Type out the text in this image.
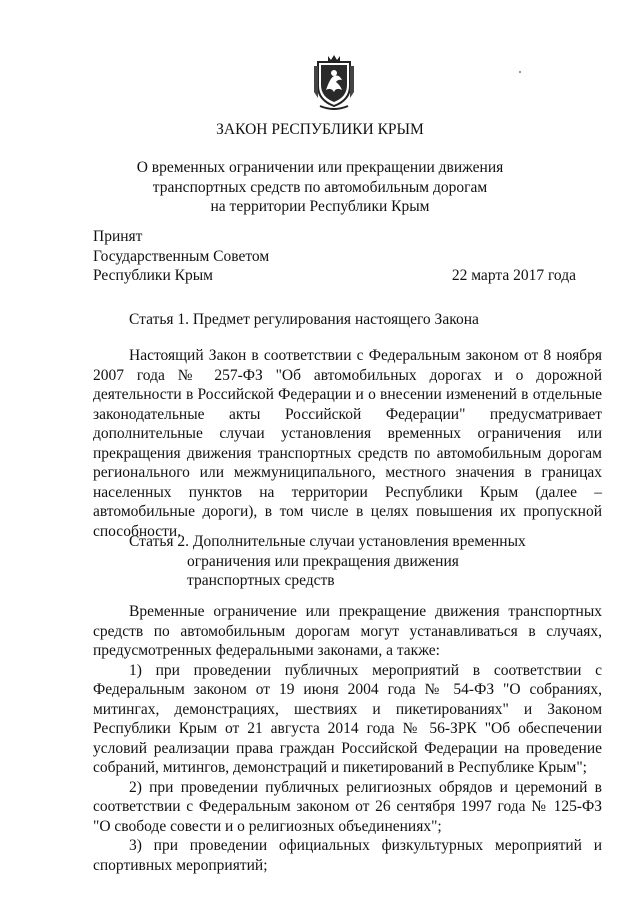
ЗАКОН РЕСПУБЛИКИ КРЫМ
О временных ограничении или прекращении движения
транспортных средств по автомобильным дорогам
на территории Республики Крым
Принят
Государственным Советом
Республики Крым	22 марта 2017 года
Статья 1. Предмет регулирования настоящего Закона

Настоящий Закон в соответствии с Федеральным законом от 8 ноября 2007 года № 257-ФЗ "Об автомобильных дорогах и о дорожной деятельности в Российской Федерации и о внесении изменений в отдельные законодательные акты Российской Федерации" предусматривает дополнительные случаи установления временных ограничения или прекращения движения транспортных средств по автомобильным дорогам регионального или межмуниципального, местного значения в границах населенных пунктов на территории Республики Крым (далее – автомобильные дороги), в том числе в целях повышения их пропускной способности.

Статья 2. Дополнительные случаи установления временных
ограничения или прекращения движения
транспортных средств

Временные ограничение или прекращение движения транспортных средств по автомобильным дорогам могут устанавливаться в случаях, предусмотренных федеральными законами, а также:

1) при проведении публичных мероприятий в соответствии с Федеральным законом от 19 июня 2004 года № 54-ФЗ "О собраниях, митингах, демонстрациях, шествиях и пикетированиях" и Законом Республики Крым от 21 августа 2014 года № 56-ЗРК "Об обеспечении условий реализации права граждан Российской Федерации на проведение собраний, митингов, демонстраций и пикетирований в Республике Крым";

2) при проведении публичных религиозных обрядов и церемоний в соответствии с Федеральным законом от 26 сентября 1997 года № 125-ФЗ "О свободе совести и о религиозных объединениях";

3) при проведении официальных физкультурных мероприятий и спортивных мероприятий;
